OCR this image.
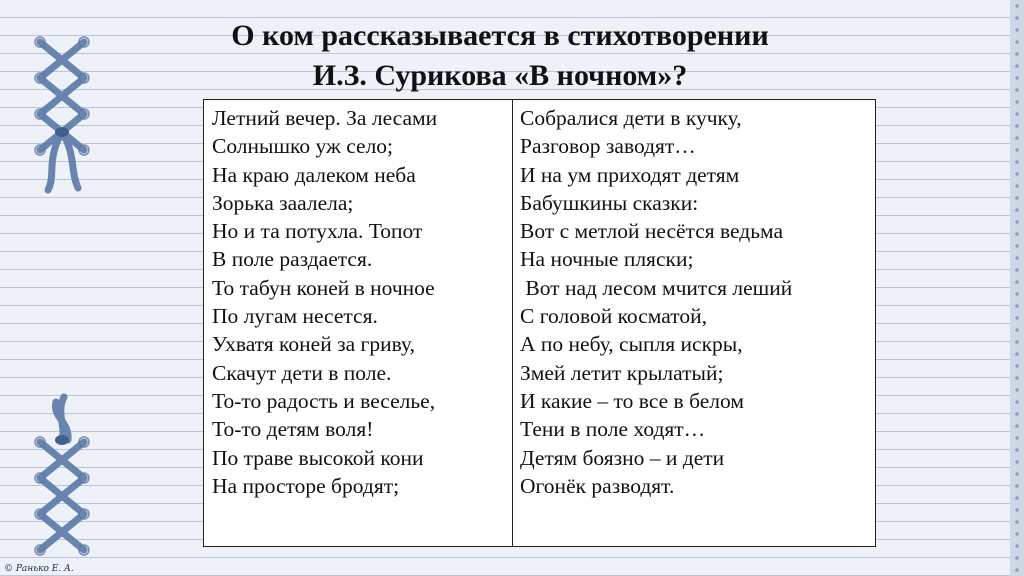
О ком рассказывается в стихотворении
И.З. Сурикова «В ночном»?
Летний вечер. За лесами
Солнышко уж село;
На краю далеком неба
Зорька заалела;
Но и та потухла. Топот
В поле раздается.
То табун коней в ночное
По лугам несется.
Ухватя коней за гриву,
Скачут дети в поле.
То-то радость и веселье,
То-то детям воля!
По траве высокой кони
На просторе бродят;
Собралися дети в кучку,
Разговор заводят…
И на ум приходят детям
Бабушкины сказки:
Вот с метлой несётся ведьма
На ночные пляски;
Вот над лесом мчится леший
С головой косматой,
А по небу, сыпля искры,
Змей летит крылатый;
И какие – то все в белом
Тени в поле ходят…
Детям боязно – и дети
Огонёк разводят.
© Ранько Е. А.
